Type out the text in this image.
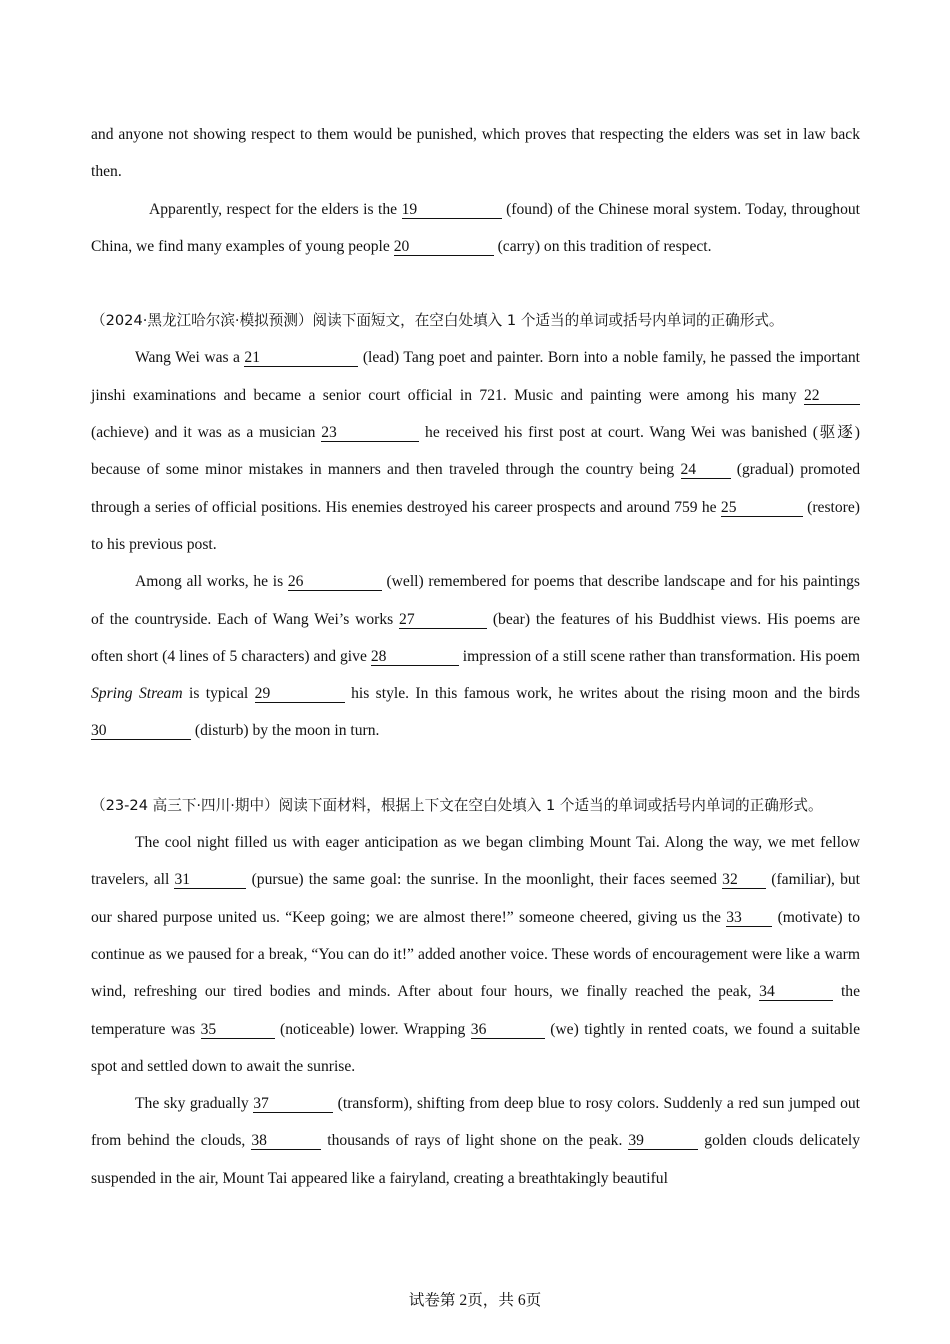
and anyone not showing respect to them would be punished, which proves that respecting the elders was set in law back then.

Apparently, respect for the elders is the 19	(found) of the Chinese moral system. Today, throughout China, we find many examples of young people 20	(carry) on this tradition of respect.

（2024·黑龙江哈尔滨·模拟预测）阅读下面短文，在空白处填入 1 个适当的单词或括号内单词的正确形式。

Wang Wei was a 21	(lead) Tang poet and painter. Born into a noble family, he passed the important jinshi examinations and became a senior court official in 721. Music and painting were among his many 22 (achieve) and it was as a musician 23	he received his first post at court. Wang Wei was banished (驱逐) because of some minor mistakes in manners and then traveled through the country being 24 (gradual) promoted through a series of official positions. His enemies destroyed his career prospects and around 759 he 25	(restore) to his previous post.

Among all works, he is 26	(well) remembered for poems that describe landscape and for his paintings of the countryside. Each of Wang Wei’s works 27	(bear) the features of his Buddhist views. His poems are often short (4 lines of 5 characters) and give 28	impression of a still scene rather than transformation. His poem Spring Stream is typical 29	his style. In this famous work, he writes about the rising moon and the birds 30	(disturb) by the moon in turn.

（23-24 高三下·四川·期中）阅读下面材料，根据上下文在空白处填入 1 个适当的单词或括号内单词的正确形式。

The cool night filled us with eager anticipation as we began climbing Mount Tai. Along the way, we met fellow travelers, all 31	(pursue) the same goal: the sunrise. In the moonlight, their faces seemed 32 (familiar), but our shared purpose united us. “Keep going; we are almost there!” someone cheered, giving us the 33 (motivate) to continue as we paused for a break, “You can do it!” added another voice. These words of encouragement were like a warm wind, refreshing our tired bodies and minds. After about four hours, we finally reached the peak, 34	the temperature was 35	(noticeable) lower. Wrapping 36	(we) tightly in rented coats, we found a suitable spot and settled down to await the sunrise.

The sky gradually 37	(transform), shifting from deep blue to rosy colors. Suddenly a red sun jumped out from behind the clouds, 38	thousands of rays of light shone on the peak. 39	golden clouds delicately suspended in the air, Mount Tai appeared like a fairyland, creating a breathtakingly beautiful

试卷第 2页，共 6页
